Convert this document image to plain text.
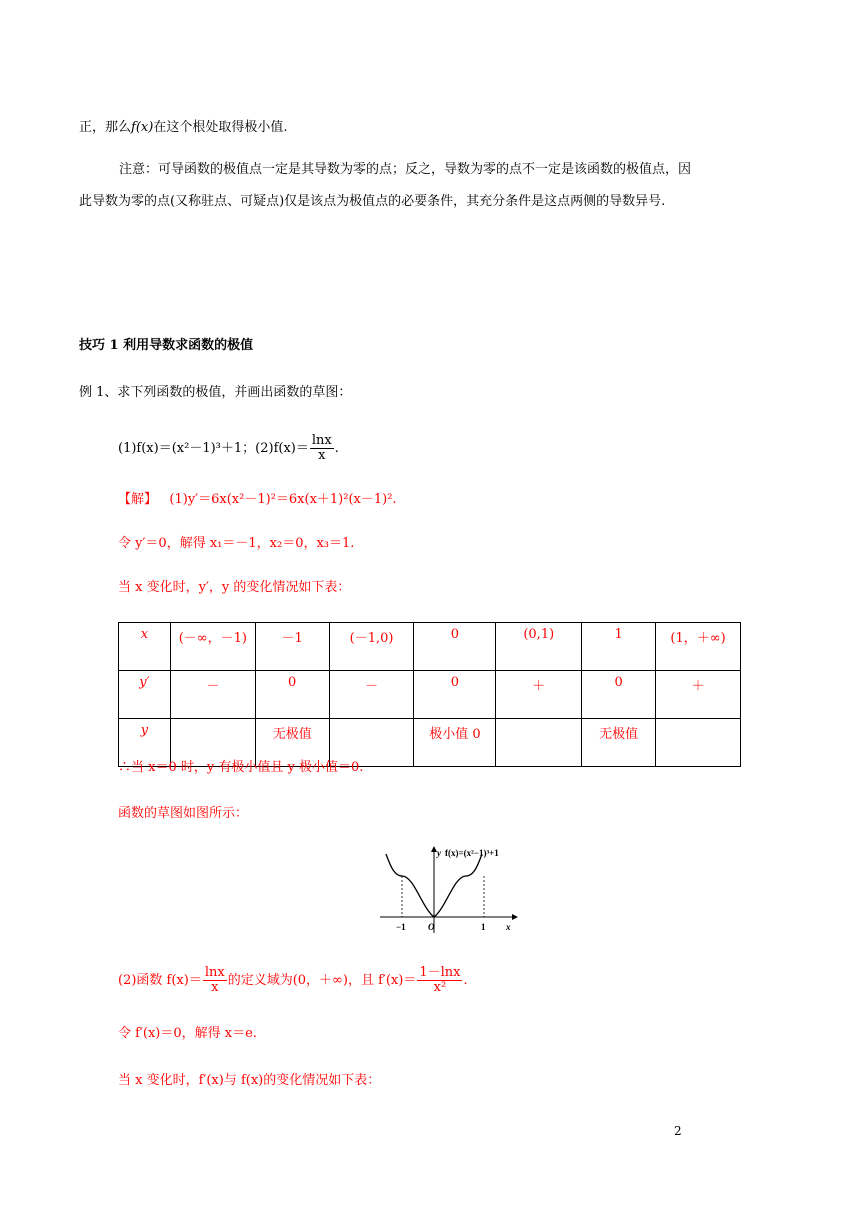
正，那么f(x)在这个根处取得极小值.
注意：可导函数的极值点一定是其导数为零的点；反之，导数为零的点不一定是该函数的极值点，因
此导数为零的点(又称驻点、可疑点)仅是该点为极值点的必要条件，其充分条件是这点两侧的导数异号.
技巧 1 利用导数求函数的极值
例 1、求下列函数的极值，并画出函数的草图：
(1)f(x)＝(x²－1)³＋1；$(2)f(x)= \frac{\ln x}{x}$ .
【解】 (1)y′＝6x(x²－1)²＝6x(x＋1)²(x－1)².
令 y′＝0，解得 x₁＝－1，x₂＝0，x₃＝1.
当 x 变化时，y′，y 的变化情况如下表：
x	(－∞，－1)	－1	(－1,0)	0	(0,1)	1	(1，＋∞)
y′	－	0	－	0	＋	0	＋
y		无极值		极小值 0		无极值	
∴当 x＝0 时，y 有极小值且 y 极小值＝0.
函数的草图如图所示：
y f(x)=(x²−1)³+1
x
O
−1	1
(2)函数 $f(x)= \frac{\ln x}{x}$ 的定义域为(0，＋∞)，且 $f'(x)= \frac{1-\ln x}{\text{x²}}$ .
令 f′(x)＝0，解得 x＝e.
当 x 变化时，f′(x)与 f(x)的变化情况如下表：
2
